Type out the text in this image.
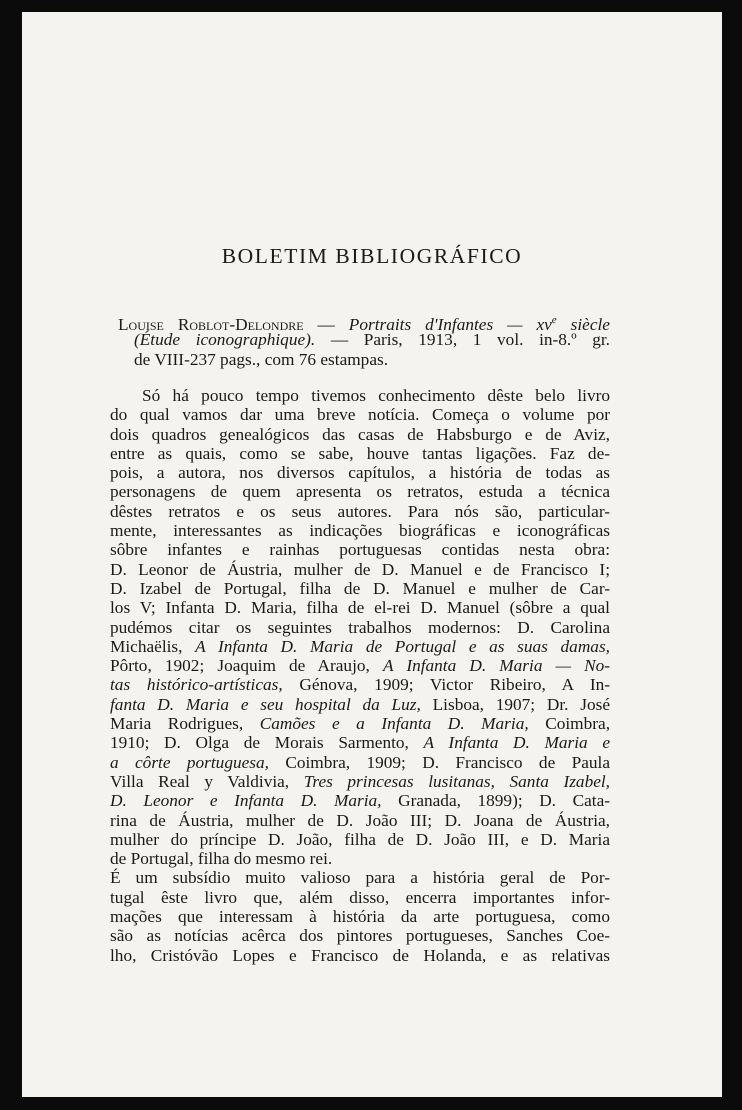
BOLETIM BIBLIOGRÁFICO
Louise Roblot-Delondre — Portraits d'Infantes — $xv^e$ siècle
(Étude iconographique). — Paris, 1913, 1 vol. in-8.º gr.
de VIII-237 pags., com 76 estampas.
Só há pouco tempo tivemos conhecimento dêste belo livro
do qual vamos dar uma breve notícia. Começa o volume por
dois quadros genealógicos das casas de Habsburgo e de Aviz,
entre as quais, como se sabe, houve tantas ligações. Faz de-
pois, a autora, nos diversos capítulos, a história de todas as
personagens de quem apresenta os retratos, estuda a técnica
dêstes retratos e os seus autores. Para nós são, particular-
mente, interessantes as indicações biográficas e iconográficas
sôbre infantes e rainhas portuguesas contidas nesta obra:
D. Leonor de Áustria, mulher de D. Manuel e de Francisco I;
D. Izabel de Portugal, filha de D. Manuel e mulher de Car-
los V; Infanta D. Maria, filha de el-rei D. Manuel (sôbre a qual
pudémos citar os seguintes trabalhos modernos: D. Carolina
Michaëlis, A Infanta D. Maria de Portugal e as suas damas,
Pôrto, 1902; Joaquim de Araujo, A Infanta D. Maria — No-
tas histórico-artísticas, Génova, 1909; Victor Ribeiro, A In-
fanta D. Maria e seu hospital da Luz, Lisboa, 1907; Dr. José
Maria Rodrigues, Camões e a Infanta D. Maria, Coimbra,
1910; D. Olga de Morais Sarmento, A Infanta D. Maria e
a côrte portuguesa, Coimbra, 1909; D. Francisco de Paula
Villa Real y Valdivia, Tres princesas lusitanas, Santa Izabel,
D. Leonor e Infanta D. Maria, Granada, 1899); D. Cata-
rina de Áustria, mulher de D. João III; D. Joana de Áustria,
mulher do príncipe D. João, filha de D. João III, e D. Maria
de Portugal, filha do mesmo rei.
É um subsídio muito valioso para a história geral de Por-
tugal êste livro que, além disso, encerra importantes infor-
mações que interessam à história da arte portuguesa, como
são as notícias acêrca dos pintores portugueses, Sanches Coe-
lho, Cristóvão Lopes e Francisco de Holanda, e as relativas
